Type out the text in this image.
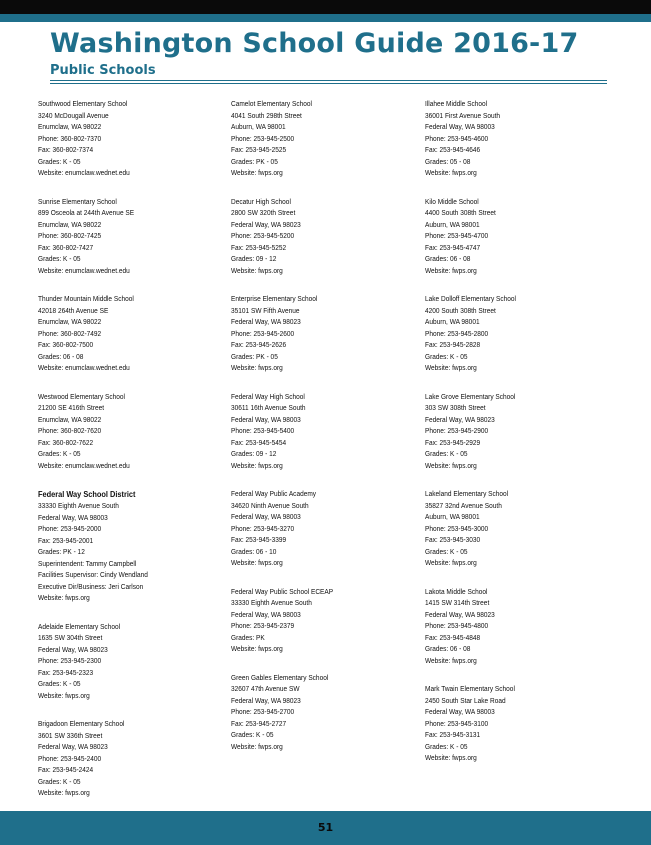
Washington School Guide 2016-17
Public Schools
Southwood Elementary School
3240 McDougall Avenue
Enumclaw, WA 98022
Phone: 360-802-7370
Fax: 360-802-7374
Grades: K - 05
Website: enumclaw.wednet.edu
Sunrise Elementary School
899 Osceola at 244th Avenue SE
Enumclaw, WA 98022
Phone: 360-802-7425
Fax: 360-802-7427
Grades: K - 05
Website: enumclaw.wednet.edu
Thunder Mountain Middle School
42018 264th Avenue SE
Enumclaw, WA 98022
Phone: 360-802-7492
Fax: 360-802-7500
Grades: 06 - 08
Website: enumclaw.wednet.edu
Westwood Elementary School
21200 SE 416th Street
Enumclaw, WA 98022
Phone: 360-802-7620
Fax: 360-802-7622
Grades: K - 05
Website: enumclaw.wednet.edu
Federal Way School District
33330 Eighth Avenue South
Federal Way, WA 98003
Phone: 253-945-2000
Fax: 253-945-2001
Grades: PK - 12
Superintendent: Tammy Campbell
Facilities Supervisor: Cindy Wendland
Executive Dir/Business: Jeri Carlson
Website: fwps.org
Adelaide Elementary School
1635 SW 304th Street
Federal Way, WA 98023
Phone: 253-945-2300
Fax: 253-945-2323
Grades: K - 05
Website: fwps.org
Brigadoon Elementary School
3601 SW 336th Street
Federal Way, WA 98023
Phone: 253-945-2400
Fax: 253-945-2424
Grades: K - 05
Website: fwps.org
Camelot Elementary School
4041 South 298th Street
Auburn, WA 98001
Phone: 253-945-2500
Fax: 253-945-2525
Grades: PK - 05
Website: fwps.org
Decatur High School
2800 SW 320th Street
Federal Way, WA 98023
Phone: 253-945-5200
Fax: 253-945-5252
Grades: 09 - 12
Website: fwps.org
Enterprise Elementary School
35101 SW Fifth Avenue
Federal Way, WA 98023
Phone: 253-945-2600
Fax: 253-945-2626
Grades: PK - 05
Website: fwps.org
Federal Way High School
30611 16th Avenue South
Federal Way, WA 98003
Phone: 253-945-5400
Fax: 253-945-5454
Grades: 09 - 12
Website: fwps.org
Federal Way Public Academy
34620 Ninth Avenue South
Federal Way, WA 98003
Phone: 253-945-3270
Fax: 253-945-3399
Grades: 06 - 10
Website: fwps.org
Federal Way Public School ECEAP
33330 Eighth Avenue South
Federal Way, WA 98003
Phone: 253-945-2379
Grades: PK
Website: fwps.org
Green Gables Elementary School
32607 47th Avenue SW
Federal Way, WA 98023
Phone: 253-945-2700
Fax: 253-945-2727
Grades: K - 05
Website: fwps.org
Illahee Middle School
36001 First Avenue South
Federal Way, WA 98003
Phone: 253-945-4600
Fax: 253-945-4646
Grades: 05 - 08
Website: fwps.org
Kilo Middle School
4400 South 308th Street
Auburn, WA 98001
Phone: 253-945-4700
Fax: 253-945-4747
Grades: 06 - 08
Website: fwps.org
Lake Dolloff Elementary School
4200 South 308th Street
Auburn, WA 98001
Phone: 253-945-2800
Fax: 253-945-2828
Grades: K - 05
Website: fwps.org
Lake Grove Elementary School
303 SW 308th Street
Federal Way, WA 98023
Phone: 253-945-2900
Fax: 253-945-2929
Grades: K - 05
Website: fwps.org
Lakeland Elementary School
35827 32nd Avenue South
Auburn, WA 98001
Phone: 253-945-3000
Fax: 253-945-3030
Grades: K - 05
Website: fwps.org
Lakota Middle School
1415 SW 314th Street
Federal Way, WA 98023
Phone: 253-945-4800
Fax: 253-945-4848
Grades: 06 - 08
Website: fwps.org
Mark Twain Elementary School
2450 South Star Lake Road
Federal Way, WA 98003
Phone: 253-945-3100
Fax: 253-945-3131
Grades: K - 05
Website: fwps.org
51
